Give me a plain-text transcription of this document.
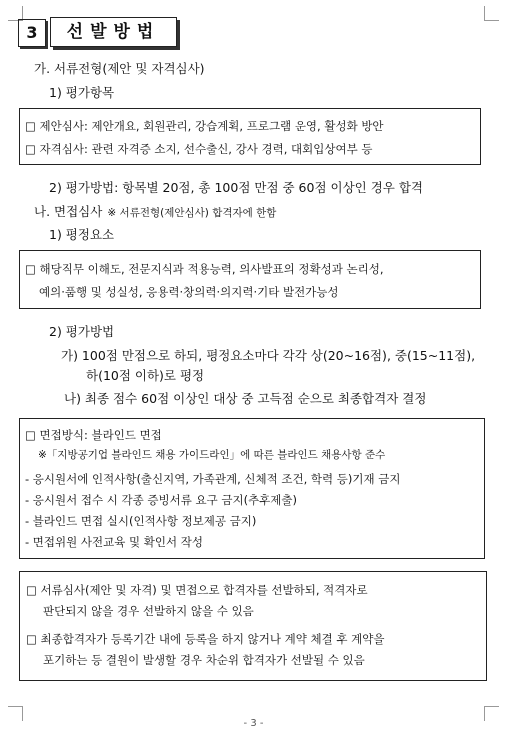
3	선발방법
가. 서류전형(제안 및 자격심사)
1) 평가항목
□ 제안심사: 제안개요, 회원관리, 강습계획, 프로그램 운영, 활성화 방안
□ 자격심사: 관련 자격증 소지, 선수출신, 강사 경력, 대회입상여부 등
2) 평가방법: 항목별 20점, 총 100점 만점 중 60점 이상인 경우 합격
나. 면접심사 ※ 서류전형(제안심사) 합격자에 한함
1) 평정요소
□ 해당직무 이해도, 전문지식과 적용능력, 의사발표의 정확성과 논리성,
예의·품행 및 성실성, 응용력·창의력·의지력·기타 발전가능성
2) 평가방법
가) 100점 만점으로 하되, 평정요소마다 각각 상(20~16점), 중(15~11점),
하(10점 이하)로 평정
나) 최종 점수 60점 이상인 대상 중 고득점 순으로 최종합격자 결정
□ 면접방식: 블라인드 면접
※「지방공기업 블라인드 채용 가이드라인」에 따른 블라인드 채용사항 준수
- 응시원서에 인적사항(출신지역, 가족관계, 신체적 조건, 학력 등)기재 금지
- 응시원서 접수 시 각종 증빙서류 요구 금지(추후제출)
- 블라인드 면접 실시(인적사항 정보제공 금지)
- 면접위원 사전교육 및 확인서 작성
□ 서류심사(제안 및 자격) 및 면접으로 합격자를 선발하되, 적격자로
판단되지 않을 경우 선발하지 않을 수 있음
□ 최종합격자가 등록기간 내에 등록을 하지 않거나 계약 체결 후 계약을
포기하는 등 결원이 발생할 경우 차순위 합격자가 선발될 수 있음
- 3 -
